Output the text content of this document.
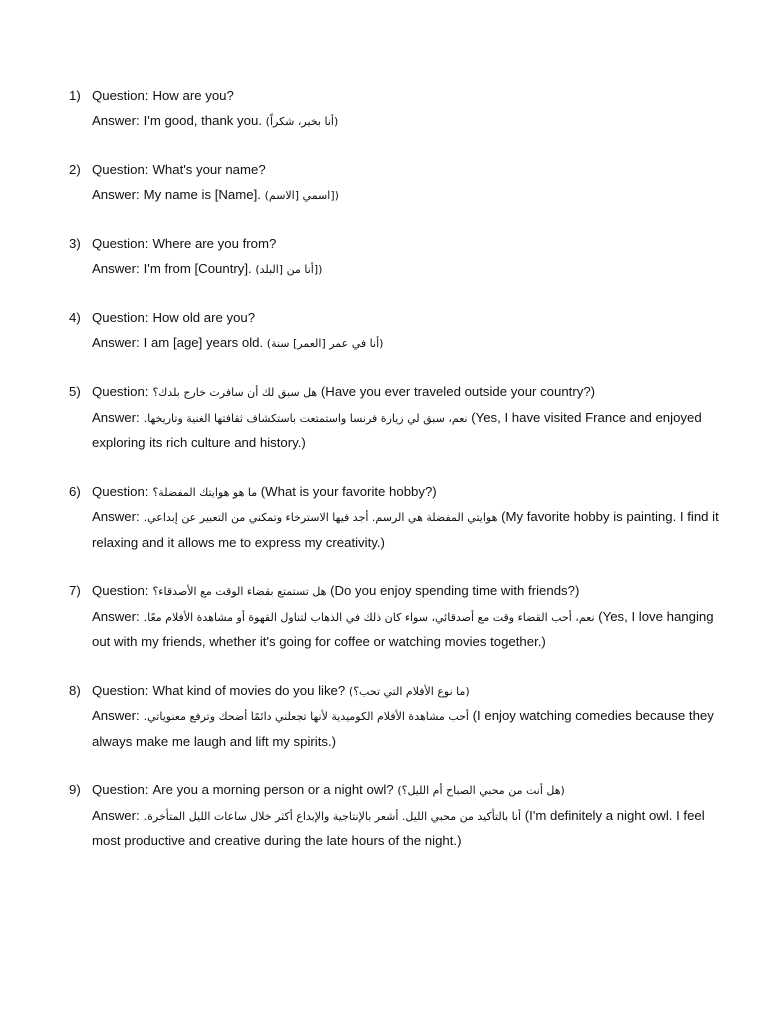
1) Question: How are you?
Answer: I'm good, thank you. (أنا بخير، شكراً)
2) Question: What's your name?
Answer: My name is [Name]. ([اسمي [الاسم)
3) Question: Where are you from?
Answer: I'm from [Country]. ([أنا من [البلد)
4) Question: How old are you?
Answer: I am [age] years old. (أنا في عمر [العمر] سنة)
5) Question: هل سبق لك أن سافرت خارج بلدك؟ (Have you ever traveled outside your country?)
Answer: نعم، سبق لي زيارة فرنسا واستمتعت باستكشاف ثقافتها الغنية وتاريخها. (Yes, I have visited France and enjoyed exploring its rich culture and history.)
6) Question: ما هو هوايتك المفضلة؟ (What is your favorite hobby?)
Answer: هوايتي المفضلة هي الرسم. أجد فيها الاسترخاء وتمكني من التعبير عن إبداعي. (My favorite hobby is painting. I find it relaxing and it allows me to express my creativity.)
7) Question: هل تستمتع بقضاء الوقت مع الأصدقاء؟ (Do you enjoy spending time with friends?)
Answer: نعم، أحب القضاء وقت مع أصدقائي، سواء كان ذلك في الذهاب لتناول القهوة أو مشاهدة الأفلام معًا. (Yes, I love hanging out with my friends, whether it's going for coffee or watching movies together.)
8) Question: What kind of movies do you like? (ما نوع الأفلام التي تحب؟)
Answer: أحب مشاهدة الأفلام الكوميدية لأنها تجعلني دائمًا أضحك وترفع معنوياتي. (I enjoy watching comedies because they always make me laugh and lift my spirits.)
9) Question: Are you a morning person or a night owl? (هل أنت من محبي الصباح أم الليل؟)
Answer: أنا بالتأكيد من محبي الليل. أشعر بالإنتاجية والإبداع أكثر خلال ساعات الليل المتأخرة. (I'm definitely a night owl. I feel most productive and creative during the late hours of the night.)
